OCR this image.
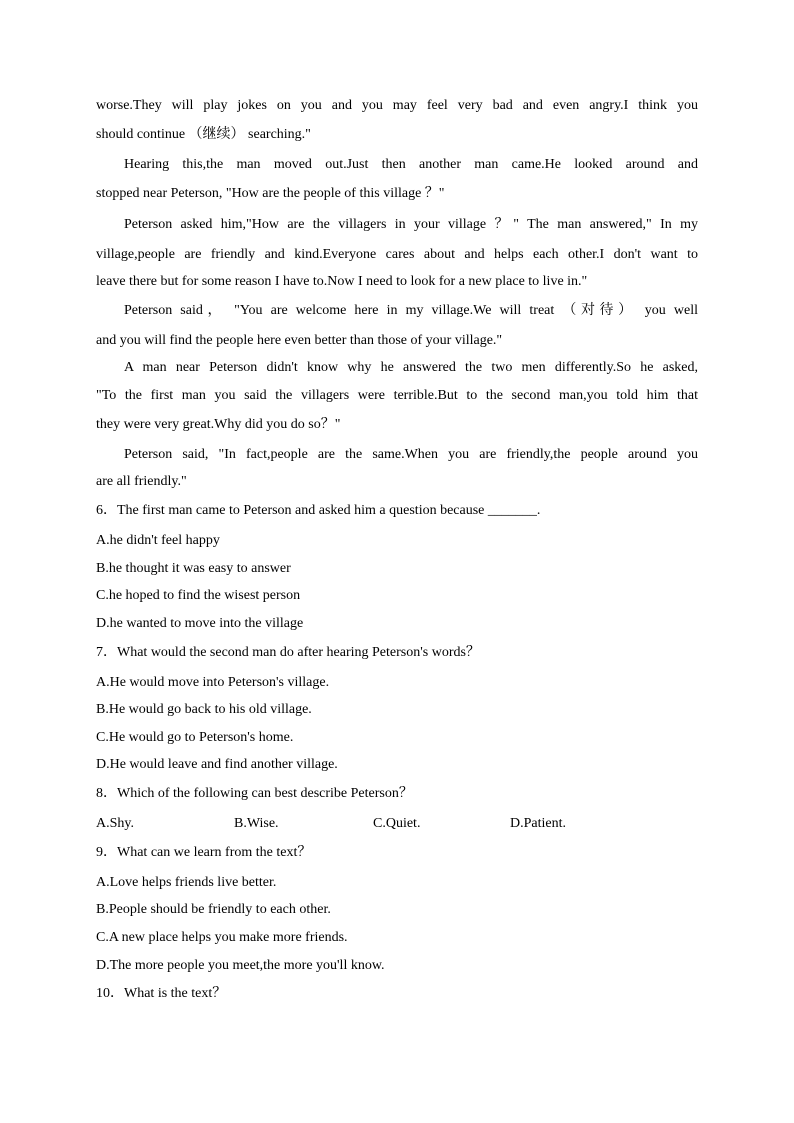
worse.They will play jokes on you and you may feel very bad and even angry.I think you
should continue （继续） searching."
Hearing this,the man moved out.Just then another man came.He looked around and
stopped near Peterson, "How are the people of this village ？"
Peterson asked him,"How are the villagers in your village ？" The man answered," In my
village,people are friendly and kind.Everyone cares about and helps each other.I don't want to
leave there but for some reason I have to.Now I need to look for a new place to live in."
Peterson said， "You are welcome here in my village.We will treat （对待） you well
and you will find the people here even better than those of your village."
A man near Peterson didn't know why he answered the two men differently.So he asked,
"To the first man you said the villagers were terrible.But to the second man,you told him that
they were very great.Why did you do so？"
Peterson said, "In fact,people are the same.When you are friendly,the people around you
are all friendly."
6．The first man came to Peterson and asked him a question because _______.
A.he didn't feel happy
B.he thought it was easy to answer
C.he hoped to find the wisest person
D.he wanted to move into the village
7．What would the second man do after hearing Peterson's words？
A.He would move into Peterson's village.
B.He would go back to his old village.
C.He would go to Peterson's home.
D.He would leave and find another village.
8．Which of the following can best describe Peterson？
A.Shy.	B.Wise.	C.Quiet.	D.Patient.
9．What can we learn from the text？
A.Love helps friends live better.
B.People should be friendly to each other.
C.A new place helps you make more friends.
D.The more people you meet,the more you'll know.
10．What is the text？
